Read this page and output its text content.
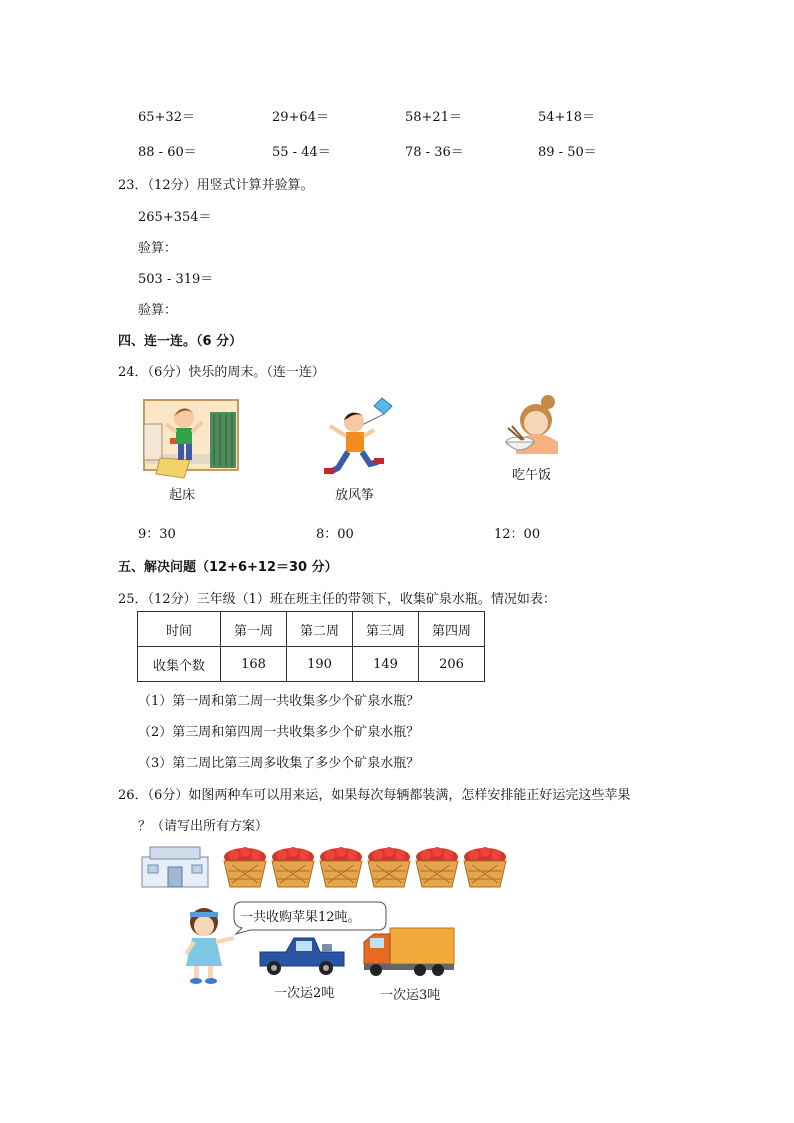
65+32＝	29+64＝	58+21＝	54+18＝
88 - 60＝	55 - 44＝	78 - 36＝	89 - 50＝
23．（12分）用竖式计算并验算。
265+354＝
验算：
503 - 319＝
验算：
四、连一连。（6 分）
24．（6分）快乐的周末。（连一连）
起床	放风筝
吃午饭
9：30	8：00	12：00
五、解决问题（12+6+12＝30 分）
25．（12分）三年级（1）班在班主任的带领下，收集矿泉水瓶。情况如表：
时间	第一周	第二周	第三周	第四周
收集个数	168	190	149	206
（1）第一周和第二周一共收集多少个矿泉水瓶？
（2）第三周和第四周一共收集多少个矿泉水瓶？
（3）第二周比第三周多收集了多少个矿泉水瓶？
26．（6分）如图两种车可以用来运，如果每次每辆都装满，怎样安排能正好运完这些苹果
？（请写出所有方案）
一共收购苹果12吨。
一次运2吨	一次运3吨
